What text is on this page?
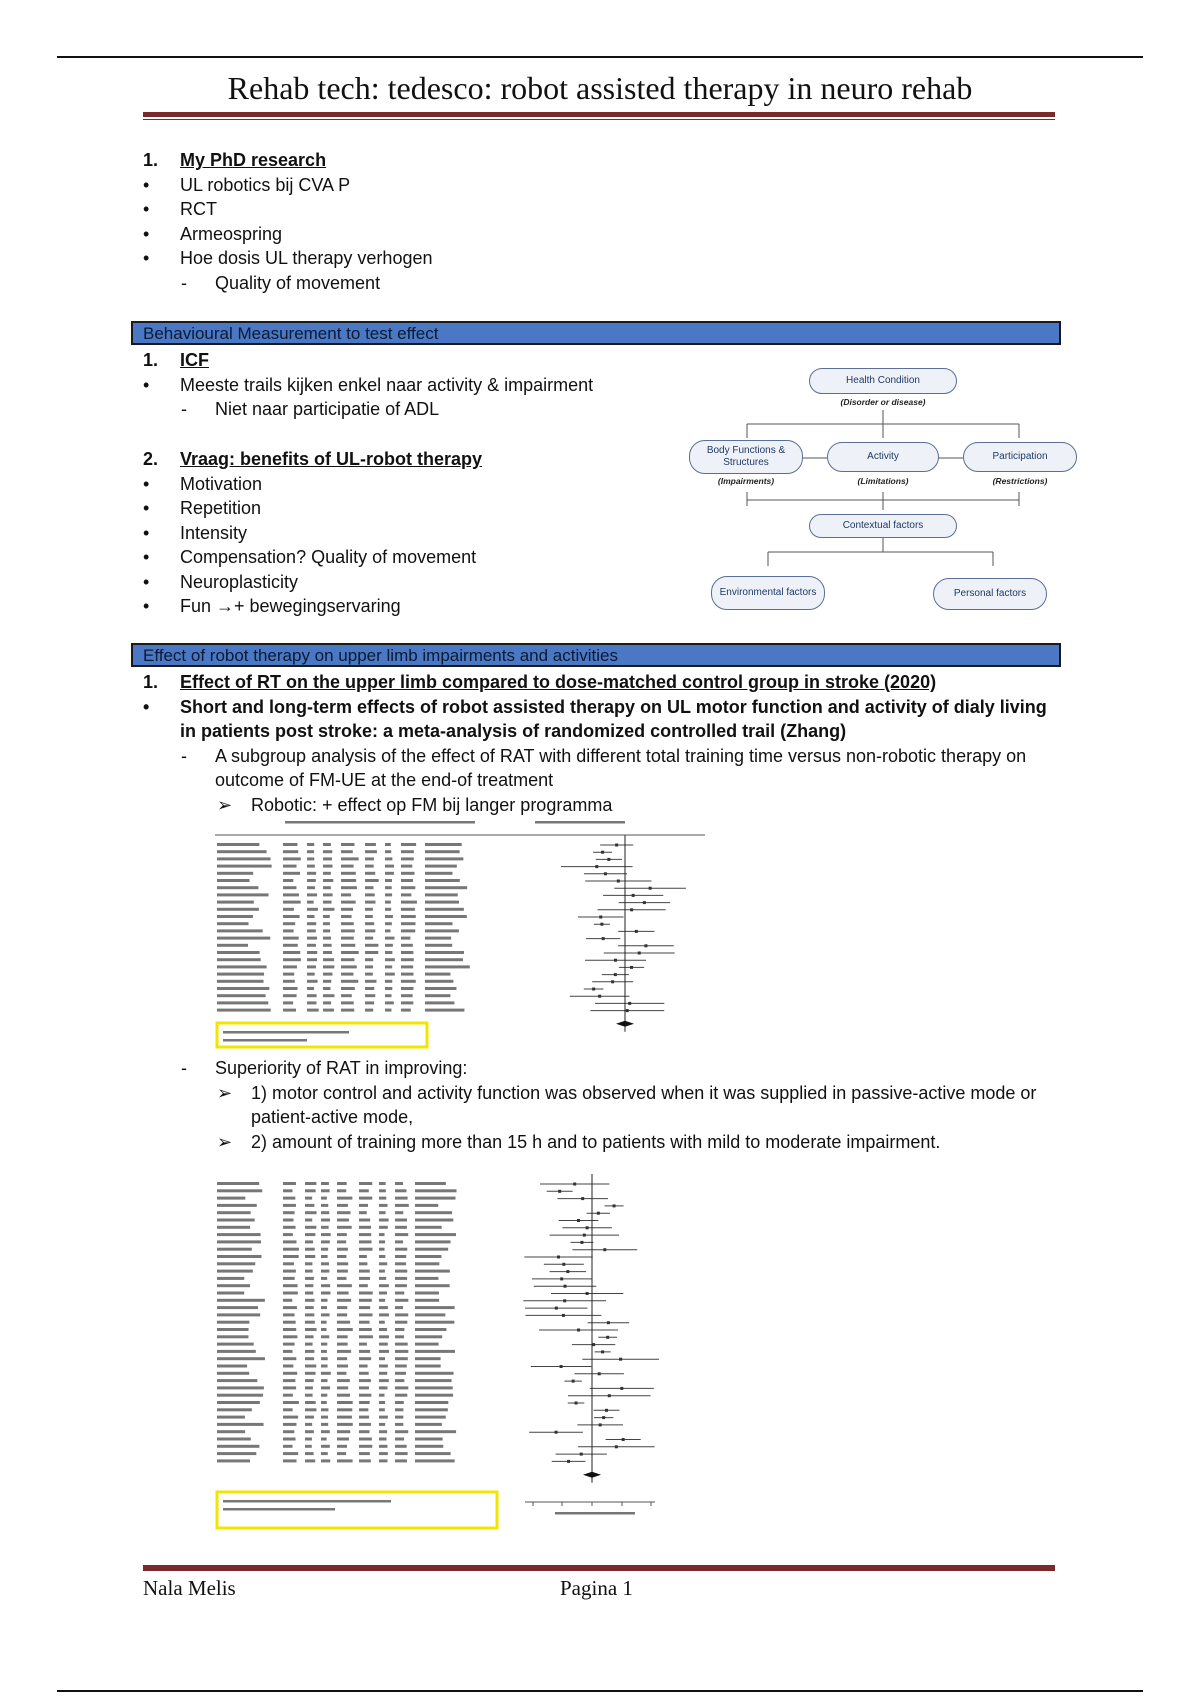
Rehab tech: tedesco: robot assisted therapy in neuro rehab
1. My PhD research
• UL robotics bij CVA P
• RCT
• Armeospring
• Hoe dosis UL therapy verhogen
- Quality of movement
Behavioural Measurement to test effect
1. ICF
• Meeste trails kijken enkel naar activity & impairment
- Niet naar participatie of ADL
2. Vraag: benefits of UL-robot therapy
• Motivation
• Repetition
• Intensity
• Compensation? Quality of movement
• Neuroplasticity
• Fun →+ bewegingservaring
Health Condition
(Disorder or disease)
Body Functions & Structures
(Impairments)
Activity
(Limitations)
Participation
(Restrictions)
Contextual factors
Environmental factors	Personal factors
Effect of robot therapy on upper limb impairments and activities
1. Effect of RT on the upper limb compared to dose-matched control group in stroke (2020)
• Short and long-term effects of robot assisted therapy on UL motor function and activity of dialy living in patients post stroke: a meta-analysis of randomized controlled trail (Zhang)
- A subgroup analysis of the effect of RAT with different total training time versus non-robotic therapy on outcome of FM-UE at the end-of treatment
➢ Robotic: + effect op FM bij langer programma
- Superiority of RAT in improving:
➢ 1) motor control and activity function was observed when it was supplied in passive-active mode or patient-active mode,
➢ 2) amount of training more than 15 h and to patients with mild to moderate impairment.
Nala Melis	Pagina 1
